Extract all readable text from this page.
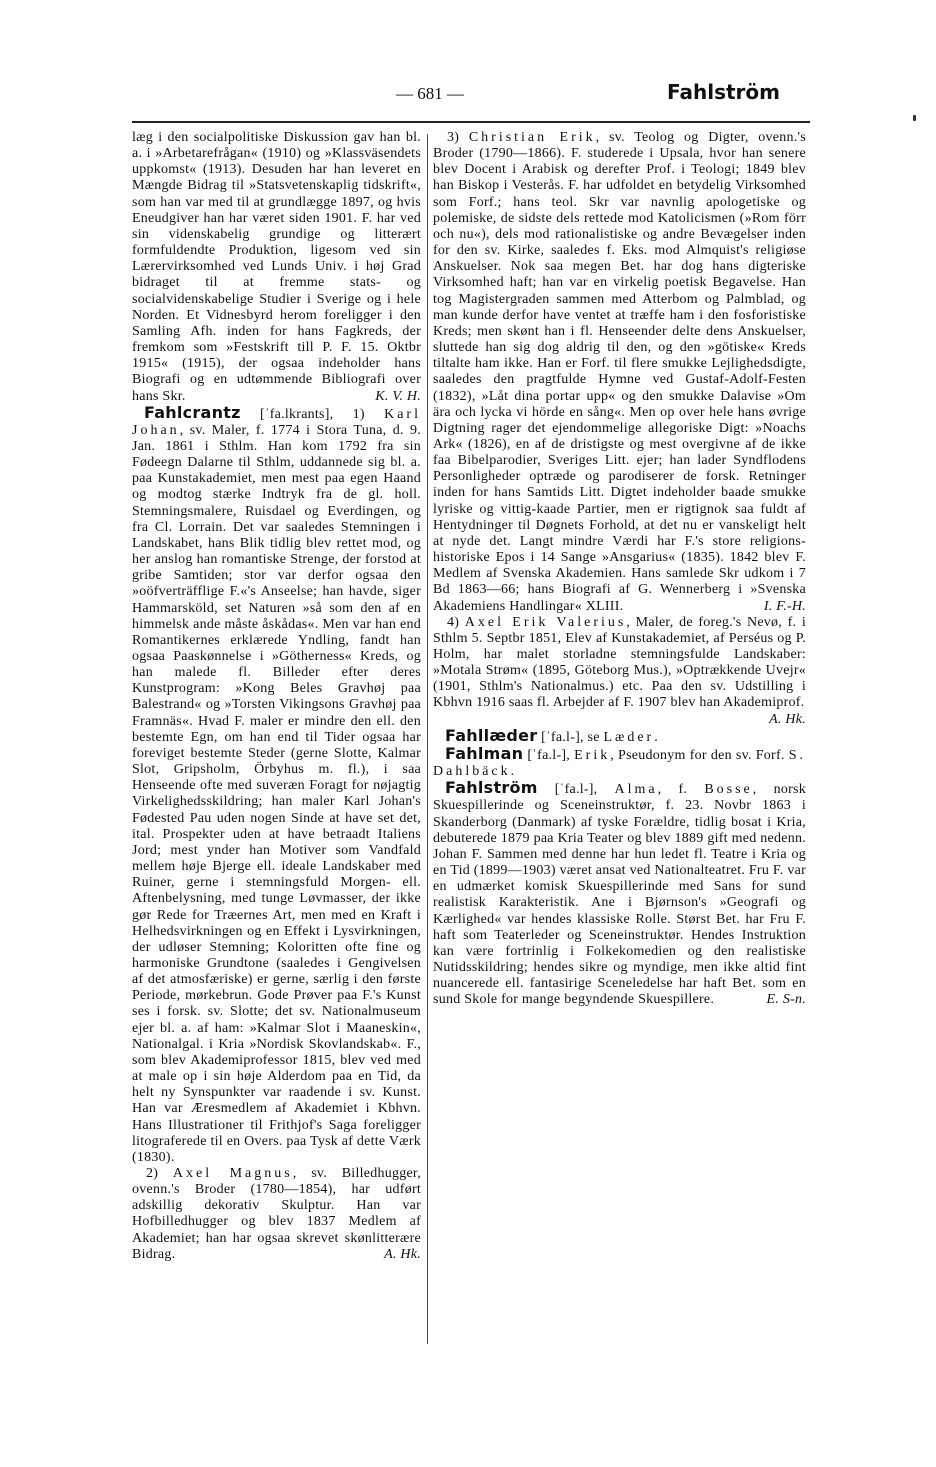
— 681 —	Fahlström

læg i den socialpolitiske Diskussion gav han bl. a. i »Arbetarefrågan« (1910) og »Klassväsendets uppkomst« (1913). Desuden har han leveret en Mængde Bidrag til »Statsvetenskaplig tidskrift«, som han var med til at grundlægge 1897, og hvis Eneudgiver han har været siden 1901. F. har ved sin videnskabelig grundige og litterært formfuldendte Produktion, ligesom ved sin Lærervirksomhed ved Lunds Univ. i høj Grad bidraget til at fremme stats- og socialvidenskabelige Studier i Sverige og i hele Norden. Et Vidnesbyrd herom foreligger i den Samling Afh. inden for hans Fagkreds, der fremkom som »Festskrift till P. F. 15. Oktbr 1915« (1915), der ogsaa indeholder hans Biografi og en udtømmende Bibliografi over hans Skr.	K. V. H.

Fahlcrantz [ˈfa.lkrants], 1) Karl Johan, sv. Maler, f. 1774 i Stora Tuna, d. 9. Jan. 1861 i Sthlm. Han kom 1792 fra sin Fødeegn Dalarne til Sthlm, uddannede sig bl. a. paa Kunstakademiet, men mest paa egen Haand og modtog stærke Indtryk fra de gl. holl. Stemningsmalere, Ruisdael og Everdingen, og fra Cl. Lorrain. Det var saaledes Stemningen i Landskabet, hans Blik tidlig blev rettet mod, og her anslog han romantiske Strenge, der forstod at gribe Samtiden; stor var derfor ogsaa den »oöfverträfflige F.«'s Anseelse; han havde, siger Hammarsköld, set Naturen »så som den af en himmelsk ande måste åskådas«. Men var han end Romantikernes erklærede Yndling, fandt han ogsaa Paaskønnelse i »Götherness« Kreds, og han malede fl. Billeder efter deres Kunstprogram: »Kong Beles Gravhøj paa Balestrand« og »Torsten Vikingsons Gravhøj paa Framnäs«. Hvad F. maler er mindre den ell. den bestemte Egn, om han end til Tider ogsaa har foreviget bestemte Steder (gerne Slotte, Kalmar Slot, Gripsholm, Örbyhus m. fl.), i saa Henseende ofte med suveræn Foragt for nøjagtig Virkelighedsskildring; han maler Karl Johan's Fødested Pau uden nogen Sinde at have set det, ital. Prospekter uden at have betraadt Italiens Jord; mest ynder han Motiver som Vandfald mellem høje Bjerge ell. ideale Landskaber med Ruiner, gerne i stemningsfuld Morgen- ell. Aftenbelysning, med tunge Løvmasser, der ikke gør Rede for Træernes Art, men med en Kraft i Helhedsvirkningen og en Effekt i Lysvirkningen, der udløser Stemning; Koloritten ofte fine og harmoniske Grundtone (saaledes i Gengivelsen af det atmosfæriske) er gerne, særlig i den første Periode, mørkebrun. Gode Prøver paa F.'s Kunst ses i forsk. sv. Slotte; det sv. Nationalmuseum ejer bl. a. af ham: »Kalmar Slot i Maaneskin«, Nationalgal. i Kria »Nordisk Skovlandskab«. F., som blev Akademiprofessor 1815, blev ved med at male op i sin høje Alderdom paa en Tid, da helt ny Synspunkter var raadende i sv. Kunst. Han var Æresmedlem af Akademiet i Kbhvn. Hans Illustrationer til Frithjof's Saga foreligger litograferede til en Overs. paa Tysk af dette Værk (1830).

2) Axel Magnus, sv. Billedhugger, ovenn.'s Broder (1780—1854), har udført adskillig dekorativ Skulptur. Han var Hofbilledhugger og blev 1837 Medlem af Akademiet; han har ogsaa skrevet skønlitterære Bidrag.	A. Hk.

3) Christian Erik, sv. Teolog og Digter, ovenn.'s Broder (1790—1866). F. studerede i Upsala, hvor han senere blev Docent i Arabisk og derefter Prof. i Teologi; 1849 blev han Biskop i Vesterås. F. har udfoldet en betydelig Virksomhed som Forf.; hans teol. Skr var navnlig apologetiske og polemiske, de sidste dels rettede mod Katolicismen (»Rom förr och nu«), dels mod rationalistiske og andre Bevægelser inden for den sv. Kirke, saaledes f. Eks. mod Almquist's religiøse Anskuelser. Nok saa megen Bet. har dog hans digteriske Virksomhed haft; han var en virkelig poetisk Begavelse. Han tog Magistergraden sammen med Atterbom og Palmblad, og man kunde derfor have ventet at træffe ham i den fosforistiske Kreds; men skønt han i fl. Henseender delte dens Anskuelser, sluttede han sig dog aldrig til den, og den »götiske« Kreds tiltalte ham ikke. Han er Forf. til flere smukke Lejlighedsdigte, saaledes den pragtfulde Hymne ved Gustaf-Adolf-Festen (1832), »Låt dina portar upp« og den smukke Dalavise »Om ära och lycka vi hörde en sång«. Men op over hele hans øvrige Digtning rager det ejendommelige allegoriske Digt: »Noachs Ark« (1826), en af de dristigste og mest overgivne af de ikke faa Bibelparodier, Sveriges Litt. ejer; han lader Syndflodens Personligheder optræde og parodiserer de forsk. Retninger inden for hans Samtids Litt. Digtet indeholder baade smukke lyriske og vittig-kaade Partier, men er rigtignok saa fuldt af Hentydninger til Døgnets Forhold, at det nu er vanskeligt helt at nyde det. Langt mindre Værdi har F.'s store religions-historiske Epos i 14 Sange »Ansgarius« (1835). 1842 blev F. Medlem af Svenska Akademien. Hans samlede Skr udkom i 7 Bd 1863—66; hans Biografi af G. Wennerberg i »Svenska Akademiens Handlingar« XLIII.	I. F.-H.

4) Axel Erik Valerius, Maler, de foreg.'s Nevø, f. i Sthlm 5. Septbr 1851, Elev af Kunstakademiet, af Perséus og P. Holm, har malet storladne stemningsfulde Landskaber: »Motala Strøm« (1895, Göteborg Mus.), »Optrækkende Uvejr« (1901, Sthlm's Nationalmus.) etc. Paa den sv. Udstilling i Kbhvn 1916 saas fl. Arbejder af F. 1907 blev han Akademiprof.
A. Hk.

Fahllæder [ˈfa.l-], se Læder.

Fahlman [ˈfa.l-], Erik, Pseudonym for den sv. Forf. S. Dahlbäck.

Fahlström [ˈfa.l-], Alma, f. Bosse, norsk Skuespillerinde og Sceneinstruktør, f. 23. Novbr 1863 i Skanderborg (Danmark) af tyske Forældre, tidlig bosat i Kria, debuterede 1879 paa Kria Teater og blev 1889 gift med nedenn. Johan F. Sammen med denne har hun ledet fl. Teatre i Kria og en Tid (1899—1903) været ansat ved Nationalteatret. Fru F. var en udmærket komisk Skuespillerinde med Sans for sund realistisk Karakteristik. Ane i Bjørnson's »Geografi og Kærlighed« var hendes klassiske Rolle. Størst Bet. har Fru F. haft som Teaterleder og Sceneinstruktør. Hendes Instruktion kan være fortrinlig i Folkekomedien og den realistiske Nutidsskildring; hendes sikre og myndige, men ikke altid fint nuancerede ell. fantasirige Sceneledelse har haft Bet. som en sund Skole for mange begyndende Skuespillere.	E. S-n.
